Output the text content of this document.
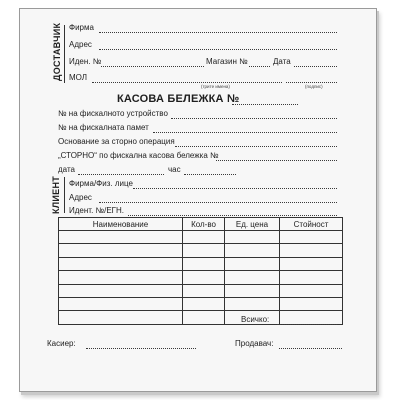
ДОСТАВЧИК Фирма
Адрес
Иден. №	Магазин №	Дата
МОЛ
(трите имена)	(подпис)
КАСОВА БЕЛЕЖКА №
№ на фискалното устройство
№ на фискалната памет
Основание за сторно операция
„СТОРНО“ по фискална касова бележка №
дата	час
КЛИЕНТ Фирма/Физ. лице
Адрес
Идент. №/ЕГН.
Наименование	Кол-во	Ед. цена	Стойност

Всичко:
Касиер:	Продавач:
